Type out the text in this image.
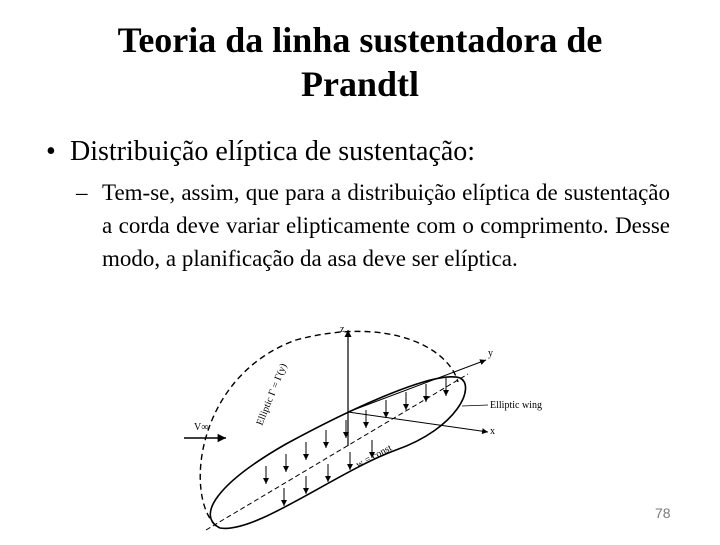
Teoria da linha sustentadora de
Prandtl
• Distribuição elíptica de sustentação:
– Tem-se, assim, que para a distribuição elíptica de sustentação a corda deve variar elipticamente com o comprimento. Desse modo, a planificação da asa deve ser elíptica.
V∞
Elliptic Γ = Γ(y)	Elliptic wing
w = const
z
y
x
78
